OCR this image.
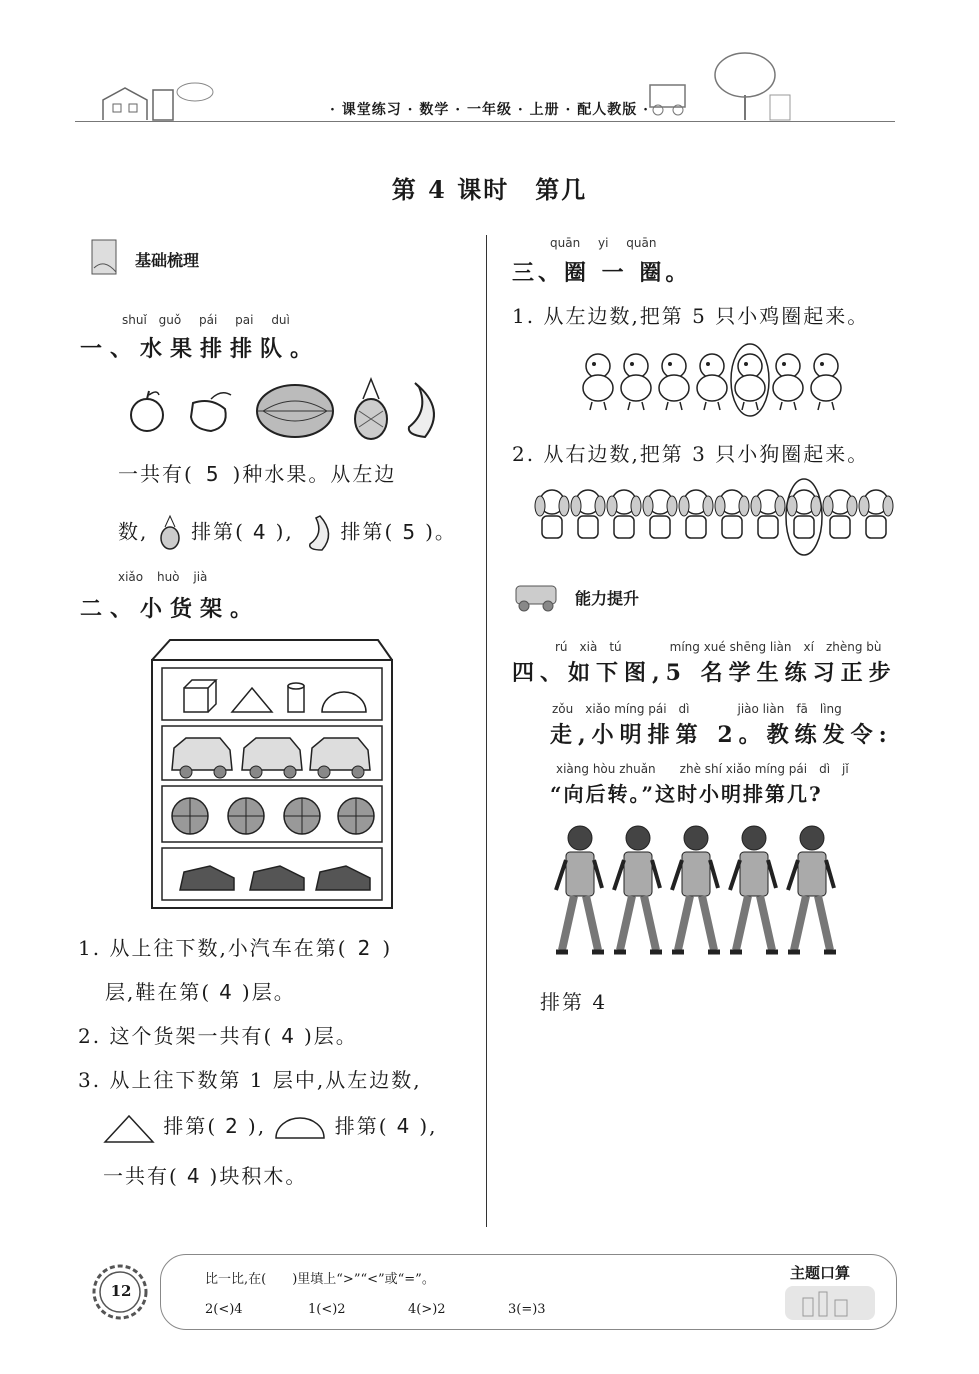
· 课堂练习 · 数学 · 一年级 · 上册 · 配人教版 ·
第 4 课时　第几
基础梳理
shuǐ guǒ pái pai duì
一、水果排排队。
一共有( 5 )种水果。从左边
数, 排第( 4 ), 排第( 5 )。
xiǎo huò jià
二、小货架。
1. 从上往下数,小汽车在第( 2 )
层,鞋在第( 4 )层。
2. 这个货架一共有( 4 )层。
3. 从上往下数第 1 层中,从左边数,
排第( 2 ),	排第( 4 ),
一共有( 4 )块积木。
quān yi quān
三、圈 一 圈。
1. 从左边数,把第 5 只小鸡圈起来。
2. 从右边数,把第 3 只小狗圈起来。
能力提升
rú　xià　tú　　　　míng xué shēng liàn　xí　zhèng bù
四、如下图,5 名学生练习正步
zǒu　xiǎo míng pái　dì　　　　jiào liàn　fā　lìng
走,小明排第 2。教练发令:
xiàng hòu zhuǎn　　zhè shí xiǎo míng pái　dì　jǐ
“向后转。”这时小明排第几?
排第 4
12
比一比,在(　　)里填上“>”“<”或“=”。
2(<)4	1(<)2	4(>)2	3(=)3
主题口算
